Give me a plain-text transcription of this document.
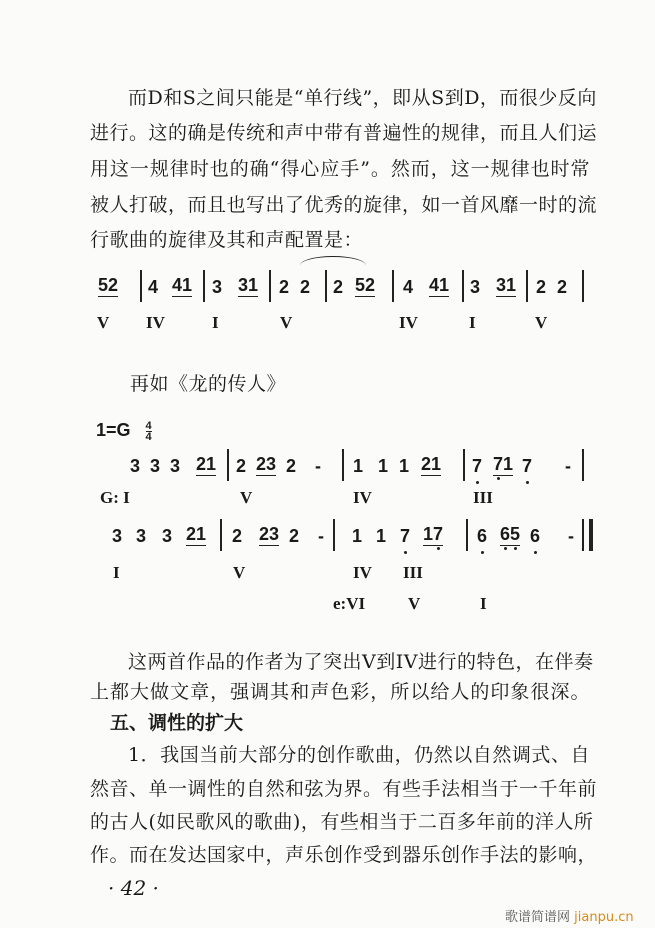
而D和S之间只能是“单行线”，即从S到D，而很少反向
进行。这的确是传统和声中带有普遍性的规律，而且人们运
用这一规律时也的确“得心应手”。然而，这一规律也时常
被人打破，而且也写出了优秀的旋律，如一首风靡一时的流
行歌曲的旋律及其和声配置是：
52 4 41 3 31 2 2 2 52 4 41 3 31 2 2
V IV	I	V	IV	I	V
再如《龙的传人》
$1=G \frac{4}{4}$
3 3 3 21 2 23 2 - 1 1 1 21 7 71 7 -
3 3 3 21 2 23 2 - 1 1 7 17 6 65 6 -
G: I	V	IV	III
I	V	IV III
e:VI	V	I
这两首作品的作者为了突出V到IV进行的特色，在伴奏
上都大做文章，强调其和声色彩，所以给人的印象很深。
五、调性的扩大
1．我国当前大部分的创作歌曲，仍然以自然调式、自
然音、单一调性的自然和弦为界。有些手法相当于一千年前
的古人(如民歌风的歌曲)，有些相当于二百多年前的洋人所
作。而在发达国家中，声乐创作受到器乐创作手法的影响，
· 42 ·
歌谱简谱网 jianpu.cn
